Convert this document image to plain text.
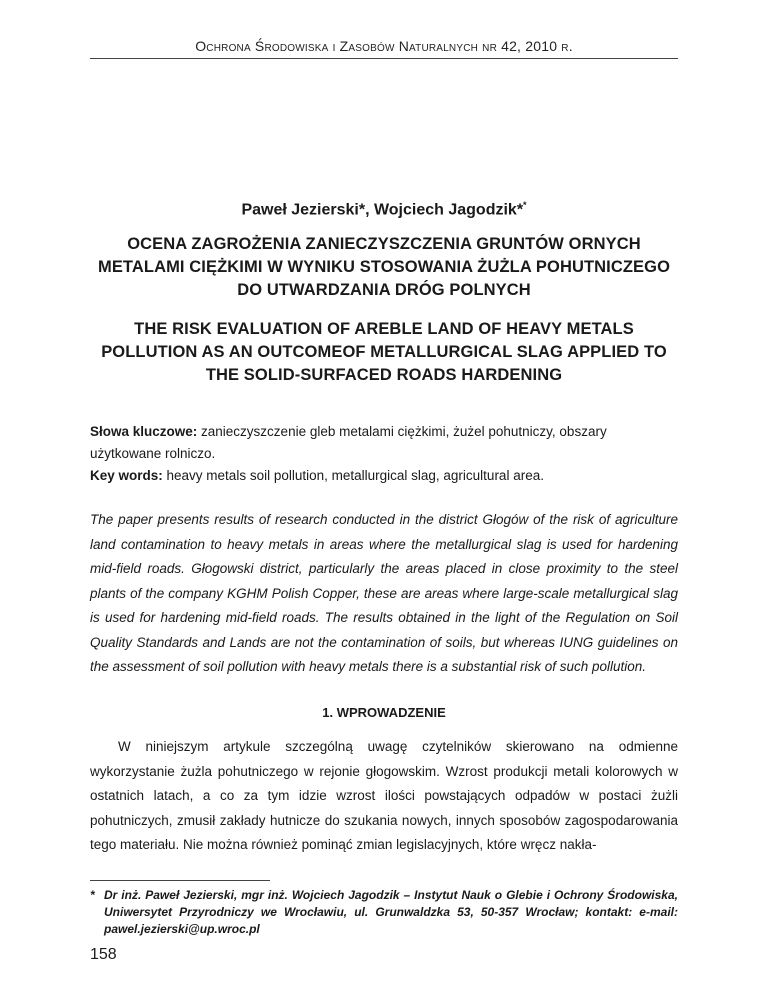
Ochrona Środowiska i Zasobów Naturalnych nr 42, 2010 r.
Paweł Jezierski*, Wojciech Jagodzik**
OCENA ZAGROŻENIA ZANIECZYSZCZENIA GRUNTÓW ORNYCH METALAMI CIĘŻKIMI W WYNIKU STOSOWANIA ŻUŻLA POHUTNICZEGO DO UTWARDZANIA DRÓG POLNYCH
THE RISK EVALUATION OF AREBLE LAND OF HEAVY METALS POLLUTION AS AN OUTCOMEOF METALLURGICAL SLAG APPLIED TO THE SOLID-SURFACED ROADS HARDENING
Słowa kluczowe: zanieczyszczenie gleb metalami ciężkimi, żużel pohutniczy, obszary użytkowane rolniczo.
Key words: heavy metals soil pollution, metallurgical slag, agricultural area.
The paper presents results of research conducted in the district Głogów of the risk of agriculture land contamination to heavy metals in areas where the metallurgical slag is used for hardening mid-field roads. Głogowski district, particularly the areas placed in close proximity to the steel plants of the company KGHM Polish Copper, these are areas where large-scale metallurgical slag is used for hardening mid-field roads. The results obtained in the light of the Regulation on Soil Quality Standards and Lands are not the contamination of soils, but whereas IUNG guidelines on the assessment of soil pollution with heavy metals there is a substantial risk of such pollution.
1. WPROWADZENIE
W niniejszym artykule szczególną uwagę czytelników skierowano na odmienne wykorzystanie żużla pohutniczego w rejonie głogowskim. Wzrost produkcji metali kolorowych w ostatnich latach, a co za tym idzie wzrost ilości powstających odpadów w postaci żużli pohutniczych, zmusił zakłady hutnicze do szukania nowych, innych sposobów zagospodarowania tego materiału. Nie można również pominąć zmian legislacyjnych, które wręcz nakła-
* Dr inż. Paweł Jezierski, mgr inż. Wojciech Jagodzik – Instytut Nauk o Glebie i Ochrony Środowiska, Uniwersytet Przyrodniczy we Wrocławiu, ul. Grunwaldzka 53, 50-357 Wrocław; kontakt: e-mail: pawel.jezierski@up.wroc.pl
158
